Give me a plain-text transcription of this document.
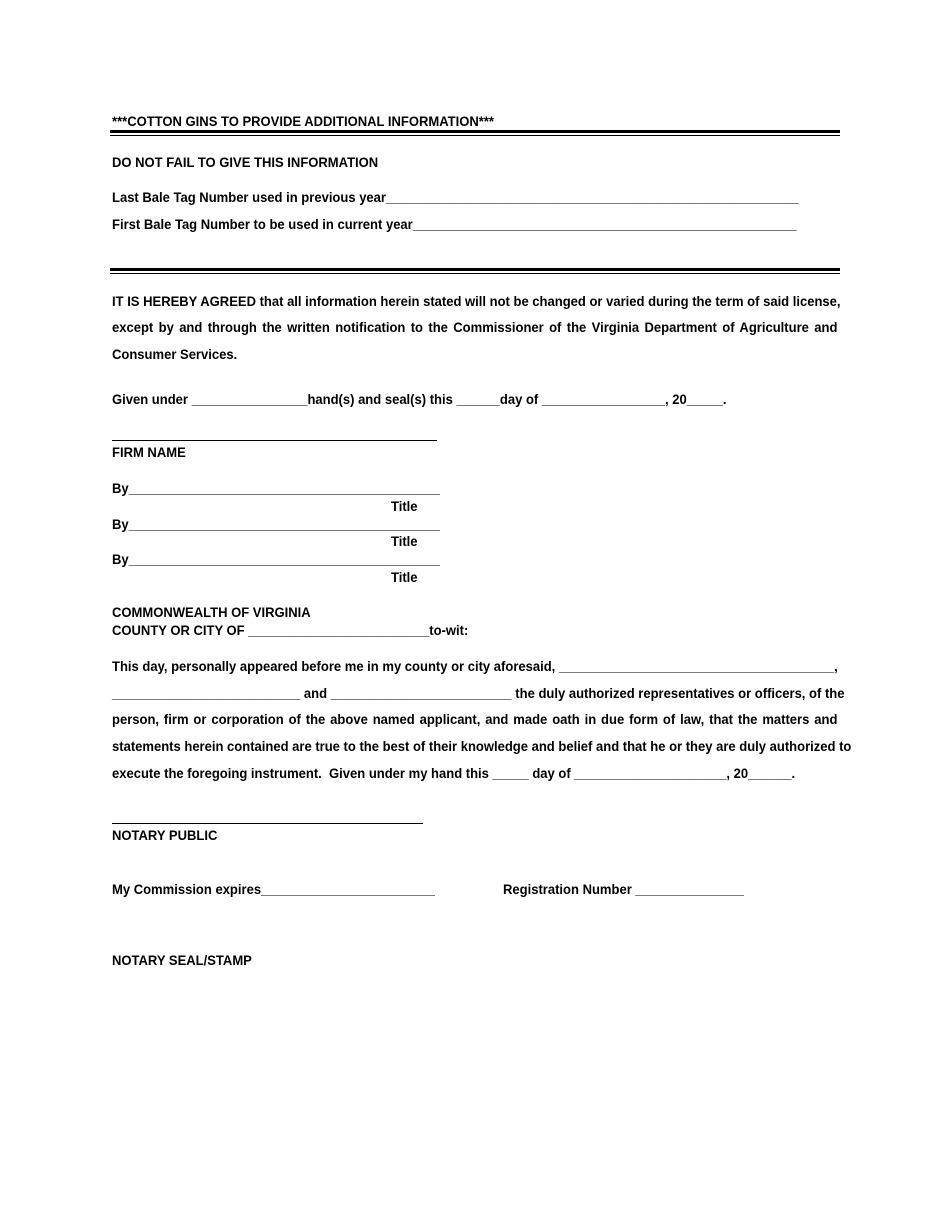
***COTTON GINS TO PROVIDE ADDITIONAL INFORMATION***
DO NOT FAIL TO GIVE THIS INFORMATION
Last Bale Tag Number used in previous year_________________________________________________________
First Bale Tag Number to be used in current year_____________________________________________________
IT IS HEREBY AGREED that all information herein stated will not be changed or varied during the term of said license,
except by and through the written notification to the Commissioner of the Virginia Department of Agriculture and
Consumer Services.
Given under ________________hand(s) and seal(s) this ______day of _________________, 20_____.
FIRM NAME
By___________________________________________
Title
By___________________________________________
Title
By___________________________________________
Title
COMMONWEALTH OF VIRGINIA
COUNTY OR CITY OF _________________________to-wit:
This day, personally appeared before me in my county or city aforesaid, ______________________________________,
__________________________ and _________________________ the duly authorized representatives or officers, of the
person, firm or corporation of the above named applicant, and made oath in due form of law, that the matters and
statements herein contained are true to the best of their knowledge and belief and that he or they are duly authorized to
execute the foregoing instrument.  Given under my hand this _____ day of _____________________, 20______.
NOTARY PUBLIC
My Commission expires________________________	Registration Number _______________
NOTARY SEAL/STAMP
